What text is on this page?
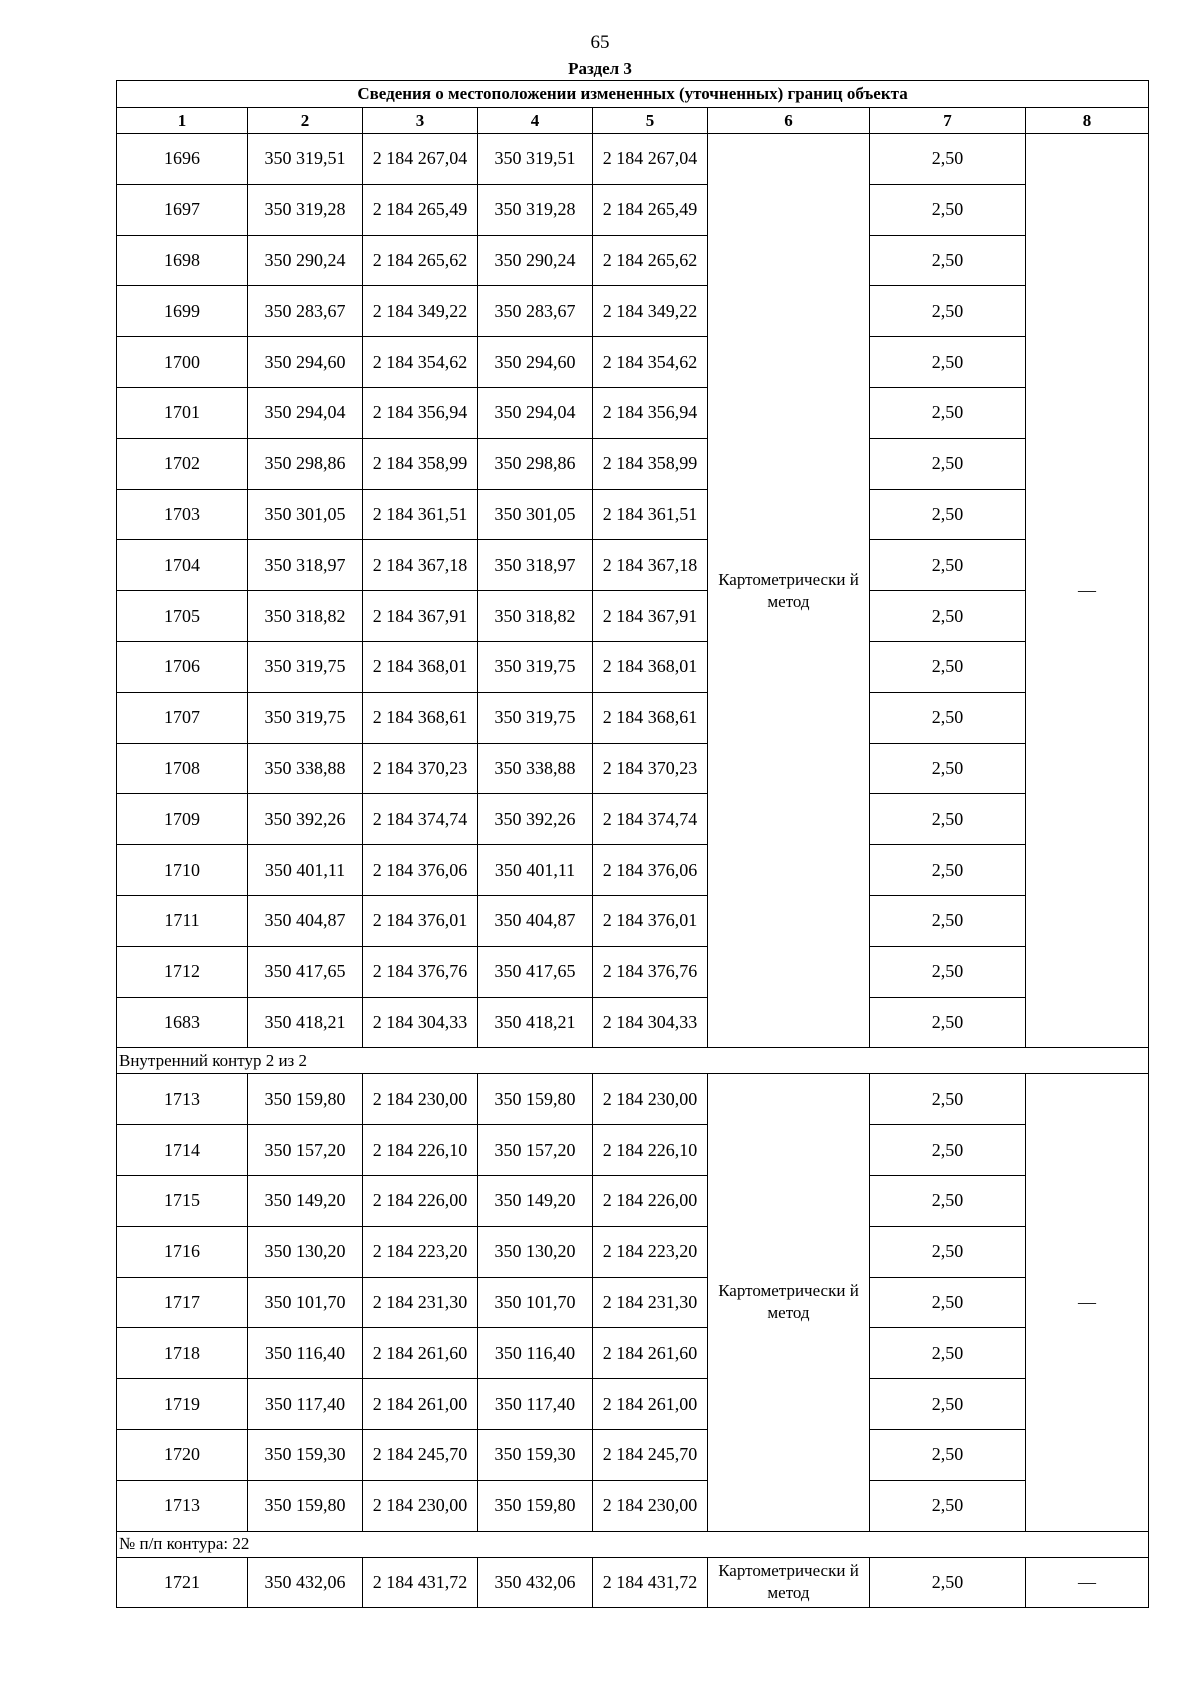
65
Раздел 3
Сведения о местоположении измененных (уточненных) границ объекта							
1	2	3	4	5	6	7	8
1696	350 319,51	2 184 267,04	350 319,51	2 184 267,04	Картометрически й метод	2,50	—
1697	350 319,28	2 184 265,49	350 319,28	2 184 265,49		2,50	
1698	350 290,24	2 184 265,62	350 290,24	2 184 265,62		2,50	
1699	350 283,67	2 184 349,22	350 283,67	2 184 349,22		2,50	
1700	350 294,60	2 184 354,62	350 294,60	2 184 354,62		2,50	
1701	350 294,04	2 184 356,94	350 294,04	2 184 356,94		2,50	
1702	350 298,86	2 184 358,99	350 298,86	2 184 358,99		2,50	
1703	350 301,05	2 184 361,51	350 301,05	2 184 361,51		2,50	
1704	350 318,97	2 184 367,18	350 318,97	2 184 367,18		2,50	
1705	350 318,82	2 184 367,91	350 318,82	2 184 367,91		2,50	
1706	350 319,75	2 184 368,01	350 319,75	2 184 368,01		2,50	
1707	350 319,75	2 184 368,61	350 319,75	2 184 368,61		2,50	
1708	350 338,88	2 184 370,23	350 338,88	2 184 370,23		2,50	
1709	350 392,26	2 184 374,74	350 392,26	2 184 374,74		2,50	
1710	350 401,11	2 184 376,06	350 401,11	2 184 376,06		2,50	
1711	350 404,87	2 184 376,01	350 404,87	2 184 376,01		2,50	
1712	350 417,65	2 184 376,76	350 417,65	2 184 376,76		2,50	
1683	350 418,21	2 184 304,33	350 418,21	2 184 304,33		2,50	
Внутренний контур 2 из 2							
1713	350 159,80	2 184 230,00	350 159,80	2 184 230,00	Картометрически й метод	2,50	—
1714	350 157,20	2 184 226,10	350 157,20	2 184 226,10		2,50	
1715	350 149,20	2 184 226,00	350 149,20	2 184 226,00		2,50	
1716	350 130,20	2 184 223,20	350 130,20	2 184 223,20		2,50	
1717	350 101,70	2 184 231,30	350 101,70	2 184 231,30		2,50	
1718	350 116,40	2 184 261,60	350 116,40	2 184 261,60		2,50	
1719	350 117,40	2 184 261,00	350 117,40	2 184 261,00		2,50	
1720	350 159,30	2 184 245,70	350 159,30	2 184 245,70		2,50	
1713	350 159,80	2 184 230,00	350 159,80	2 184 230,00		2,50	
№ п/п контура: 22							
1721	350 432,06	2 184 431,72	350 432,06	2 184 431,72	Картометрически й метод	2,50	—
